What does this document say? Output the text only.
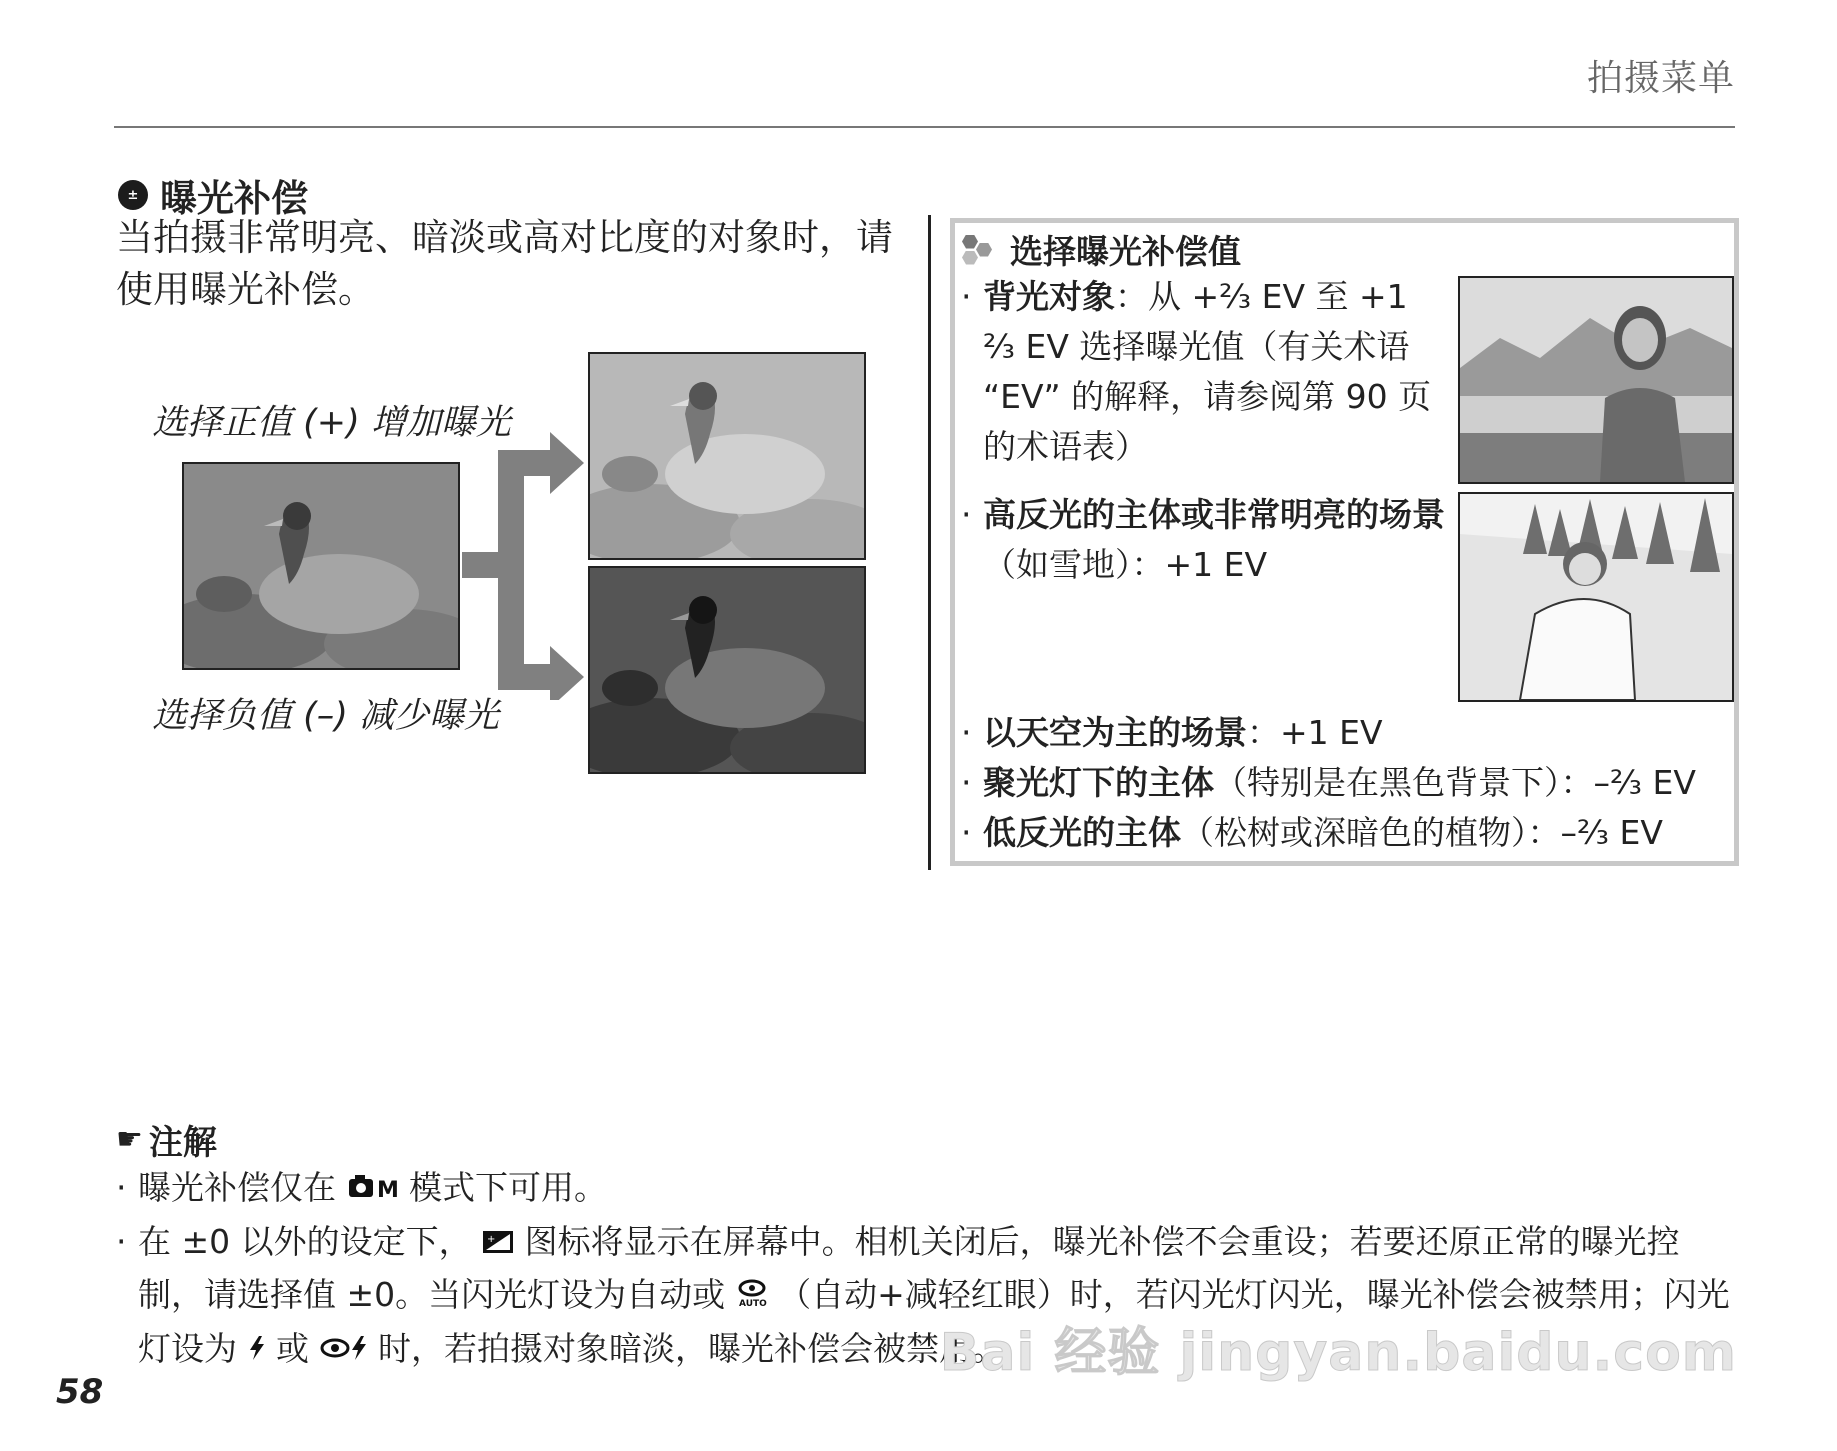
拍摄菜单
± 曝光补偿
当拍摄非常明亮、暗淡或高对比度的对象时，请使用曝光补偿。
选择正值 (+) 增加曝光
选择负值 (–) 减少曝光
选择曝光补偿值
· 背光对象：从 +⅔ EV 至 +1 ⅔ EV 选择曝光值（有关术语 “EV” 的解释，请参阅第 90 页的术语表）
· 高反光的主体或非常明亮的场景（如雪地）：+1 EV
· 以天空为主的场景：+1 EV
· 聚光灯下的主体（特别是在黑色背景下）：–⅔ EV
· 低反光的主体（松树或深暗色的植物）：–⅔ EV
☛ 注解
· 曝光补偿仅在 M 模式下可用。
· 在 ±0 以外的设定下， + 图标将显示在屏幕中。相机关闭后，曝光补偿不会重设；若要还原正常的曝光控制，请选择值 ±0。当闪光灯设为自动或 AUTO （自动+减轻红眼）时，若闪光灯闪光，曝光补偿会被禁用；闪光灯设为 或 时，若拍摄对象暗淡，曝光补偿会被禁用。
58
Bai 经验 jingyan.baidu.com
